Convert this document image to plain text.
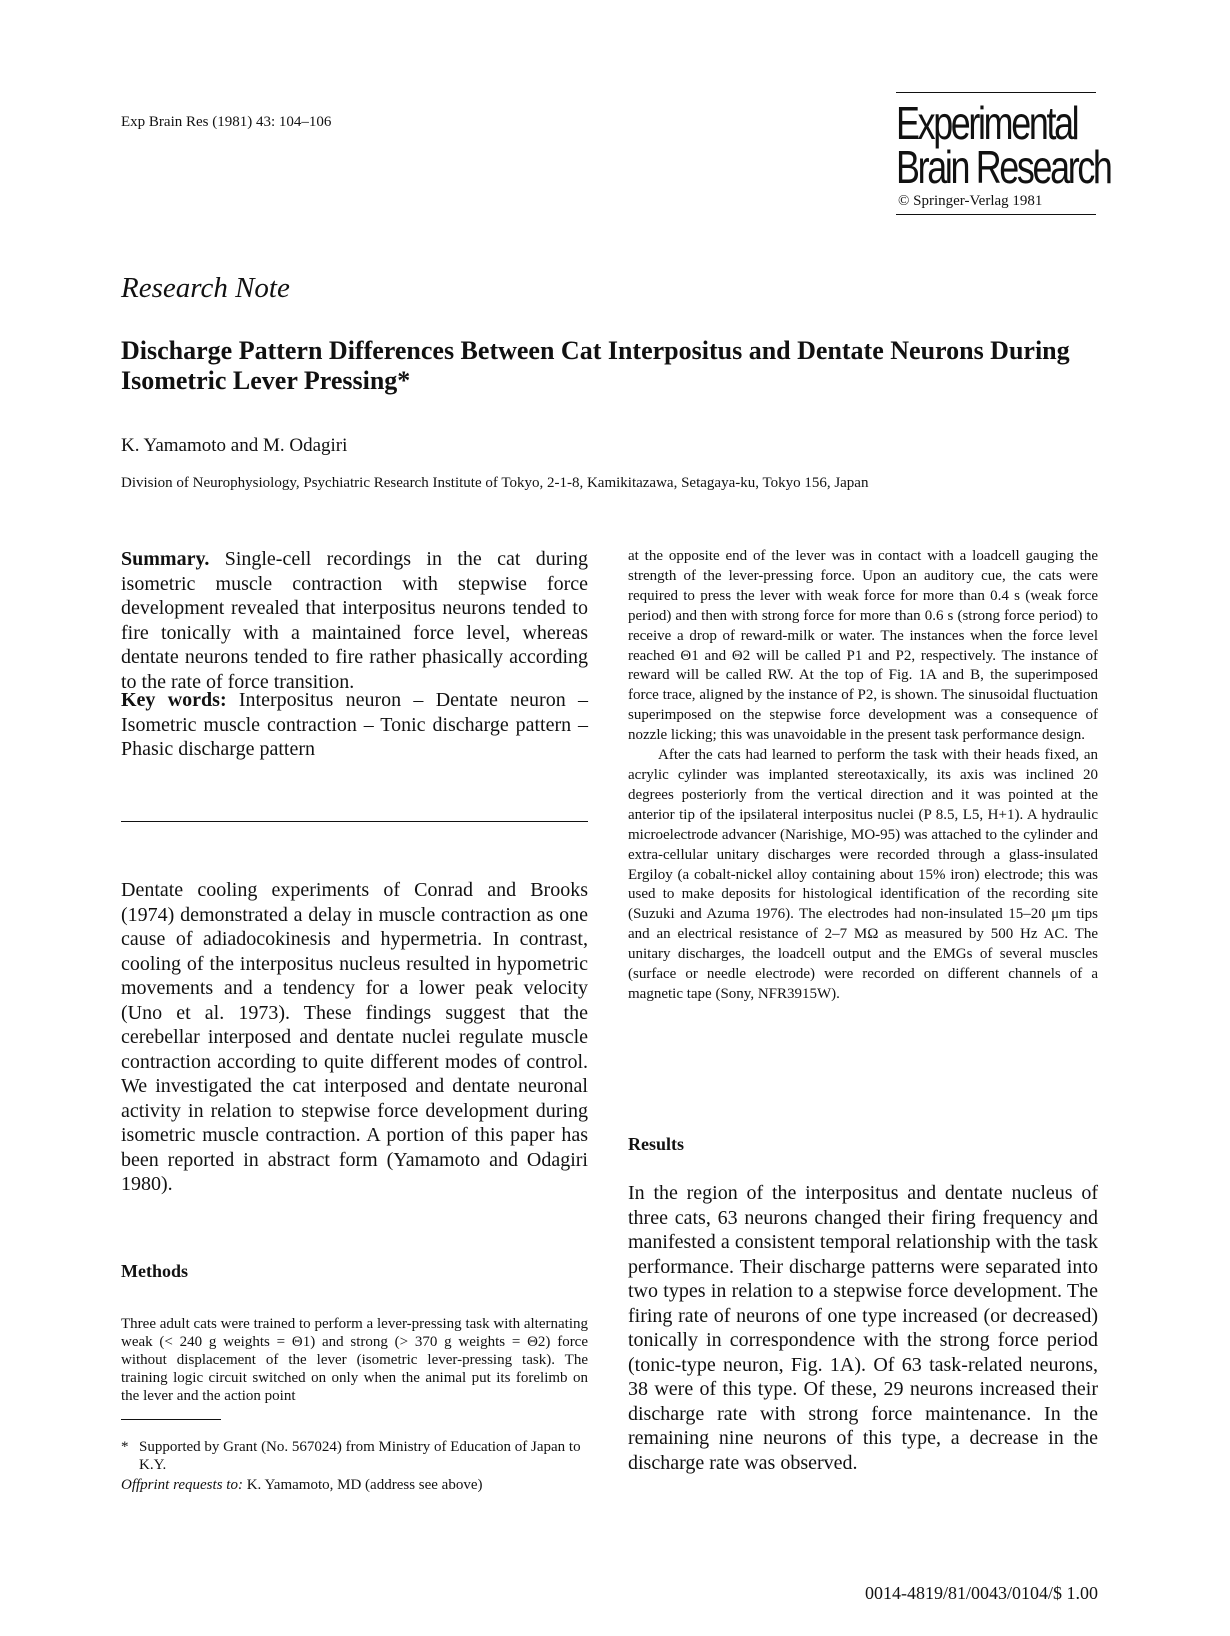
Exp Brain Res (1981) 43: 104–106	Experimental
Brain Research
© Springer-Verlag 1981
Research Note
Discharge Pattern Differences Between Cat Interpositus and Dentate Neurons During Isometric Lever Pressing*
K. Yamamoto and M. Odagiri
Division of Neurophysiology, Psychiatric Research Institute of Tokyo, 2-1-8, Kamikitazawa, Setagaya-ku, Tokyo 156, Japan
Summary. Single-cell recordings in the cat during isometric muscle contraction with stepwise force development revealed that interpositus neurons tended to fire tonically with a maintained force level, whereas dentate neurons tended to fire rather phasically according to the rate of force transition.
Key words: Interpositus neuron – Dentate neuron – Isometric muscle contraction – Tonic discharge pattern – Phasic discharge pattern
Dentate cooling experiments of Conrad and Brooks (1974) demonstrated a delay in muscle contraction as one cause of adiadocokinesis and hypermetria. In contrast, cooling of the interpositus nucleus resulted in hypometric movements and a tendency for a lower peak velocity (Uno et al. 1973). These findings suggest that the cerebellar interposed and dentate nuclei regulate muscle contraction according to quite different modes of control. We investigated the cat interposed and dentate neuronal activity in relation to stepwise force development during isometric muscle contraction. A portion of this paper has been reported in abstract form (Yamamoto and Odagiri 1980).
Methods
Three adult cats were trained to perform a lever-pressing task with alternating weak (< 240 g weights = Θ1) and strong (> 370 g weights = Θ2) force without displacement of the lever (isometric lever-pressing task). The training logic circuit switched on only when the animal put its forelimb on the lever and the action point
* Supported by Grant (No. 567024) from Ministry of Education of Japan to K.Y.
Offprint requests to: K. Yamamoto, MD (address see above)

at the opposite end of the lever was in contact with a loadcell gauging the strength of the lever-pressing force. Upon an auditory cue, the cats were required to press the lever with weak force for more than 0.4 s (weak force period) and then with strong force for more than 0.6 s (strong force period) to receive a drop of reward-milk or water. The instances when the force level reached Θ1 and Θ2 will be called P1 and P2, respectively. The instance of reward will be called RW. At the top of Fig. 1A and B, the superimposed force trace, aligned by the instance of P2, is shown. The sinusoidal fluctuation superimposed on the stepwise force development was a consequence of nozzle licking; this was unavoidable in the present task performance design.

After the cats had learned to perform the task with their heads fixed, an acrylic cylinder was implanted stereotaxically, its axis was inclined 20 degrees posteriorly from the vertical direction and it was pointed at the anterior tip of the ipsilateral interpositus nuclei (P 8.5, L5, H+1). A hydraulic microelectrode advancer (Narishige, MO-95) was attached to the cylinder and extra-cellular unitary discharges were recorded through a glass-insulated Ergiloy (a cobalt-nickel alloy containing about 15% iron) electrode; this was used to make deposits for histological identification of the recording site (Suzuki and Azuma 1976). The electrodes had non-insulated 15–20 μm tips and an electrical resistance of 2–7 MΩ as measured by 500 Hz AC. The unitary discharges, the loadcell output and the EMGs of several muscles (surface or needle electrode) were recorded on different channels of a magnetic tape (Sony, NFR3915W).

Results
In the region of the interpositus and dentate nucleus of three cats, 63 neurons changed their firing frequency and manifested a consistent temporal relationship with the task performance. Their discharge patterns were separated into two types in relation to a stepwise force development. The firing rate of neurons of one type increased (or decreased) tonically in correspondence with the strong force period (tonic-type neuron, Fig. 1A). Of 63 task-related neurons, 38 were of this type. Of these, 29 neurons increased their discharge rate with strong force maintenance. In the remaining nine neurons of this type, a decrease in the discharge rate was observed.
0014-4819/81/0043/0104/$ 1.00
